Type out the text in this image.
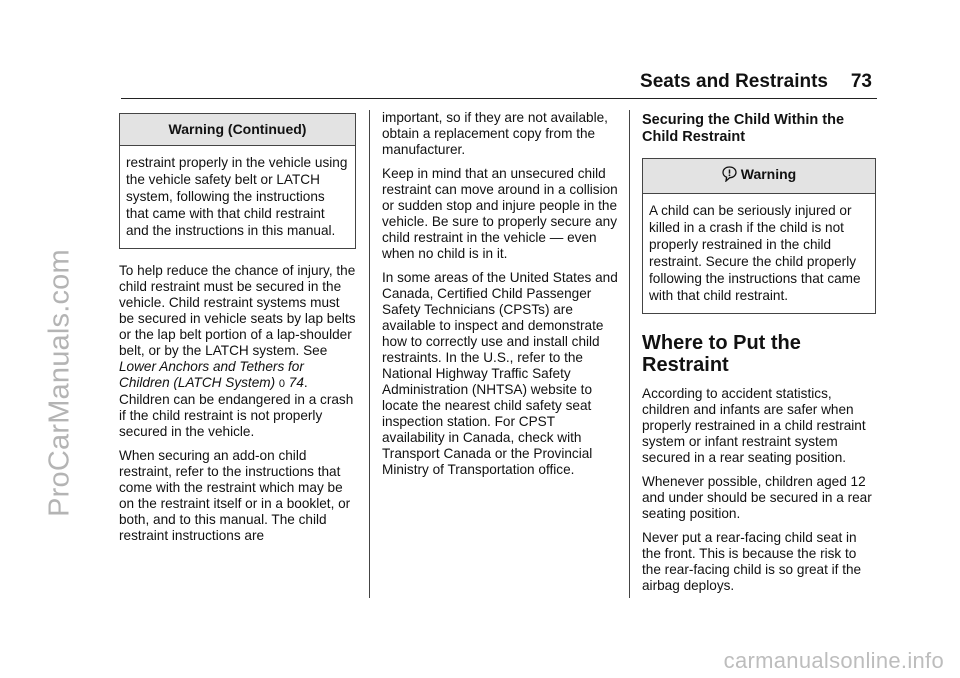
ProCarManuals.com
Seats and Restraints 73
Warning (Continued)
restraint properly in the vehicle using the vehicle safety belt or LATCH system, following the instructions that came with that child restraint and the instructions in this manual.

To help reduce the chance of injury, the child restraint must be secured in the vehicle. Child restraint systems must be secured in vehicle seats by lap belts or the lap belt portion of a lap-shoulder belt, or by the LATCH system. See Lower Anchors and Tethers for Children (LATCH System) 0 74. Children can be endangered in a crash if the child restraint is not properly secured in the vehicle.

When securing an add-on child restraint, refer to the instructions that come with the restraint which may be on the restraint itself or in a booklet, or both, and to this manual. The child restraint instructions are

important, so if they are not available, obtain a replacement copy from the manufacturer.

Keep in mind that an unsecured child restraint can move around in a collision or sudden stop and injure people in the vehicle. Be sure to properly secure any child restraint in the vehicle — even when no child is in it.

In some areas of the United States and Canada, Certified Child Passenger Safety Technicians (CPSTs) are available to inspect and demonstrate how to correctly use and install child restraints. In the U.S., refer to the National Highway Traffic Safety Administration (NHTSA) website to locate the nearest child safety seat inspection station. For CPST availability in Canada, check with Transport Canada or the Provincial Ministry of Transportation office.

Securing the Child Within the Child Restraint
Warning
A child can be seriously injured or killed in a crash if the child is not properly restrained in the child restraint. Secure the child properly following the instructions that came with that child restraint.
Where to Put the Restraint

According to accident statistics, children and infants are safer when properly restrained in a child restraint system or infant restraint system secured in a rear seating position.

Whenever possible, children aged 12 and under should be secured in a rear seating position.

Never put a rear-facing child seat in the front. This is because the risk to the rear-facing child is so great if the airbag deploys.

carmanualsonline.info
